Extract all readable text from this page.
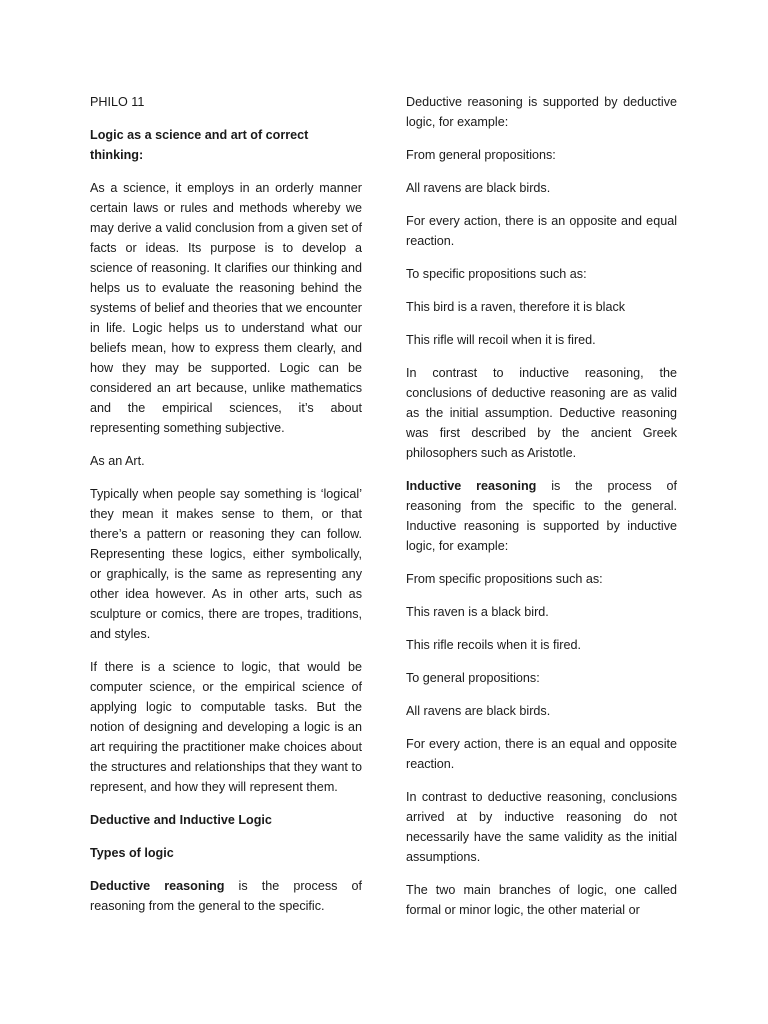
PHILO 11

Logic as a science and art of correct thinking:

As a science, it employs in an orderly manner certain laws or rules and methods whereby we may derive a valid conclusion from a given set of facts or ideas. Its purpose is to develop a science of reasoning. It clarifies our thinking and helps us to evaluate the reasoning behind the systems of belief and theories that we encounter in life. Logic helps us to understand what our beliefs mean, how to express them clearly, and how they may be supported. Logic can be considered an art because, unlike mathematics and the empirical sciences, it’s about representing something subjective.

As an Art.

Typically when people say something is ‘logical’ they mean it makes sense to them, or that there’s a pattern or reasoning they can follow. Representing these logics, either symbolically, or graphically, is the same as representing any other idea however. As in other arts, such as sculpture or comics, there are tropes, traditions, and styles.

If there is a science to logic, that would be computer science, or the empirical science of applying logic to computable tasks. But the notion of designing and developing a logic is an art requiring the practitioner make choices about the structures and relationships that they want to represent, and how they will represent them.

Deductive and Inductive Logic

Types of logic

Deductive reasoning is the process of reasoning from the general to the specific.

Deductive reasoning is supported by deductive logic, for example:

From general propositions:

All ravens are black birds.

For every action, there is an opposite and equal reaction.

To specific propositions such as:

This bird is a raven, therefore it is black

This rifle will recoil when it is fired.

In contrast to inductive reasoning, the conclusions of deductive reasoning are as valid as the initial assumption. Deductive reasoning was first described by the ancient Greek philosophers such as Aristotle.

Inductive reasoning is the process of reasoning from the specific to the general. Inductive reasoning is supported by inductive logic, for example:

From specific propositions such as:

This raven is a black bird.

This rifle recoils when it is fired.

To general propositions:

All ravens are black birds.

For every action, there is an equal and opposite reaction.

In contrast to deductive reasoning, conclusions arrived at by inductive reasoning do not necessarily have the same validity as the initial assumptions.

The two main branches of logic, one called formal or minor logic, the other material or
